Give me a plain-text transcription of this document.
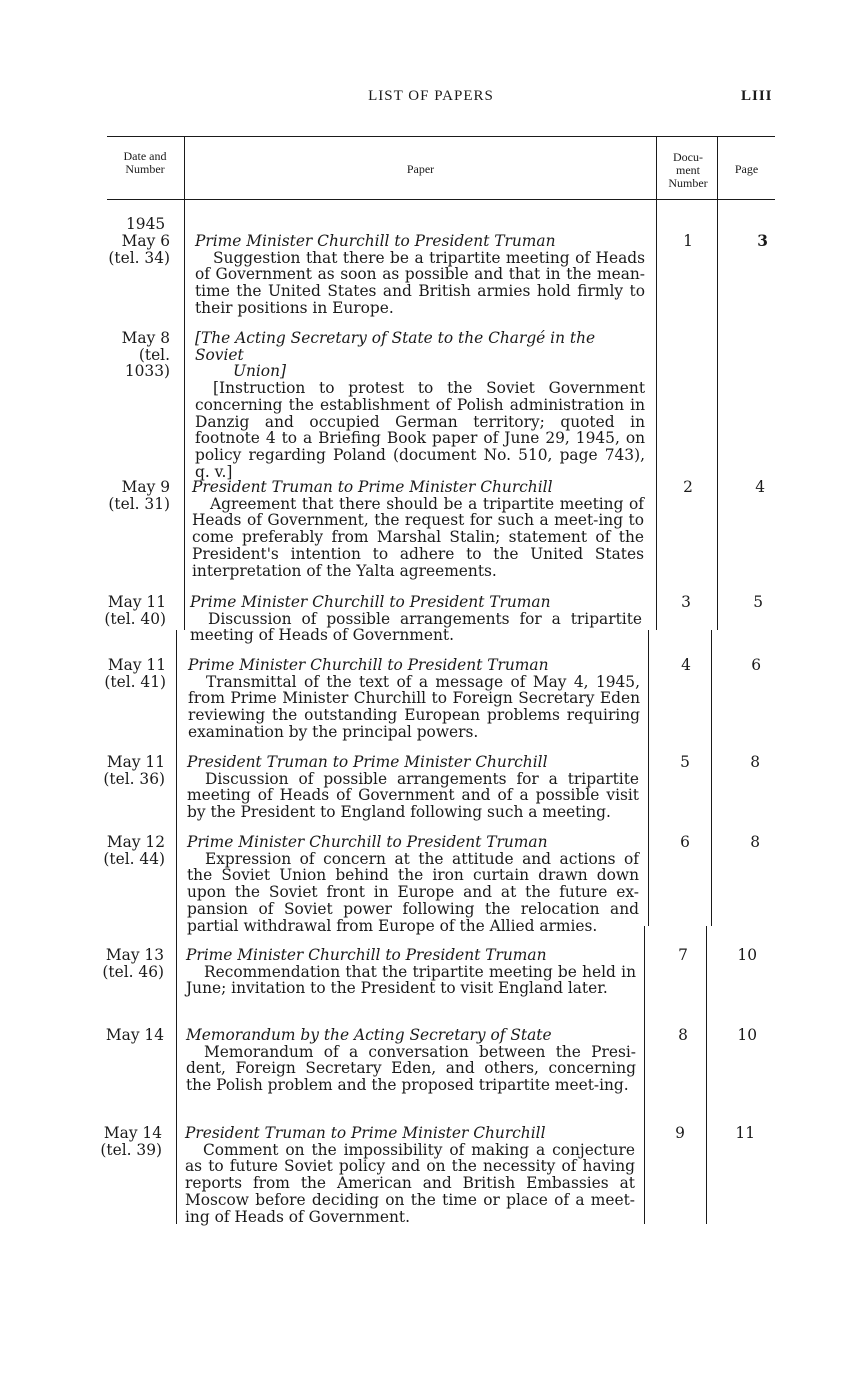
LIST OF PAPERS	LIII
Date and Number	Paper
Docu- ment Number
Page
1945
May 6
(tel. 34)
Prime Minister Churchill to President Truman
Suggestion that there be a tripartite meeting of Heads of Government as soon as possible and that in the mean-time the United States and British armies hold firmly to their positions in Europe.
1	3
May 8
(tel.
1033)
[The Acting Secretary of State to the Chargé in the Soviet
Union]
[Instruction to protest to the Soviet Government concerning the establishment of Polish administration in Danzig and occupied German territory; quoted in footnote 4 to a Briefing Book paper of June 29, 1945, on policy regarding Poland (document No. 510, page 743), q. v.]
May 9
(tel. 31)
President Truman to Prime Minister Churchill
Agreement that there should be a tripartite meeting of Heads of Government, the request for such a meet-ing to come preferably from Marshal Stalin; statement of the President's intention to adhere to the United States interpretation of the Yalta agreements.
2	4
May 11
(tel. 40)
Prime Minister Churchill to President Truman
Discussion of possible arrangements for a tripartite meeting of Heads of Government.
3	5
May 11
(tel. 41)
Prime Minister Churchill to President Truman
Transmittal of the text of a message of May 4, 1945, from Prime Minister Churchill to Foreign Secretary Eden reviewing the outstanding European problems requiring examination by the principal powers.
4	6
May 11
(tel. 36)
President Truman to Prime Minister Churchill
Discussion of possible arrangements for a tripartite meeting of Heads of Government and of a possible visit by the President to England following such a meeting.
5	8
May 12
(tel. 44)
Prime Minister Churchill to President Truman
Expression of concern at the attitude and actions of the Soviet Union behind the iron curtain drawn down upon the Soviet front in Europe and at the future ex-pansion of Soviet power following the relocation and partial withdrawal from Europe of the Allied armies.
6	8
May 13
(tel. 46)
Prime Minister Churchill to President Truman
Recommendation that the tripartite meeting be held in June; invitation to the President to visit England later.
7	10
May 14 Memorandum by the Acting Secretary of State
Memorandum of a conversation between the Presi-dent, Foreign Secretary Eden, and others, concerning the Polish problem and the proposed tripartite meet-ing.
8	10
May 14
(tel. 39)
President Truman to Prime Minister Churchill
Comment on the impossibility of making a conjecture as to future Soviet policy and on the necessity of having reports from the American and British Embassies at Moscow before deciding on the time or place of a meet-ing of Heads of Government.
9	11
